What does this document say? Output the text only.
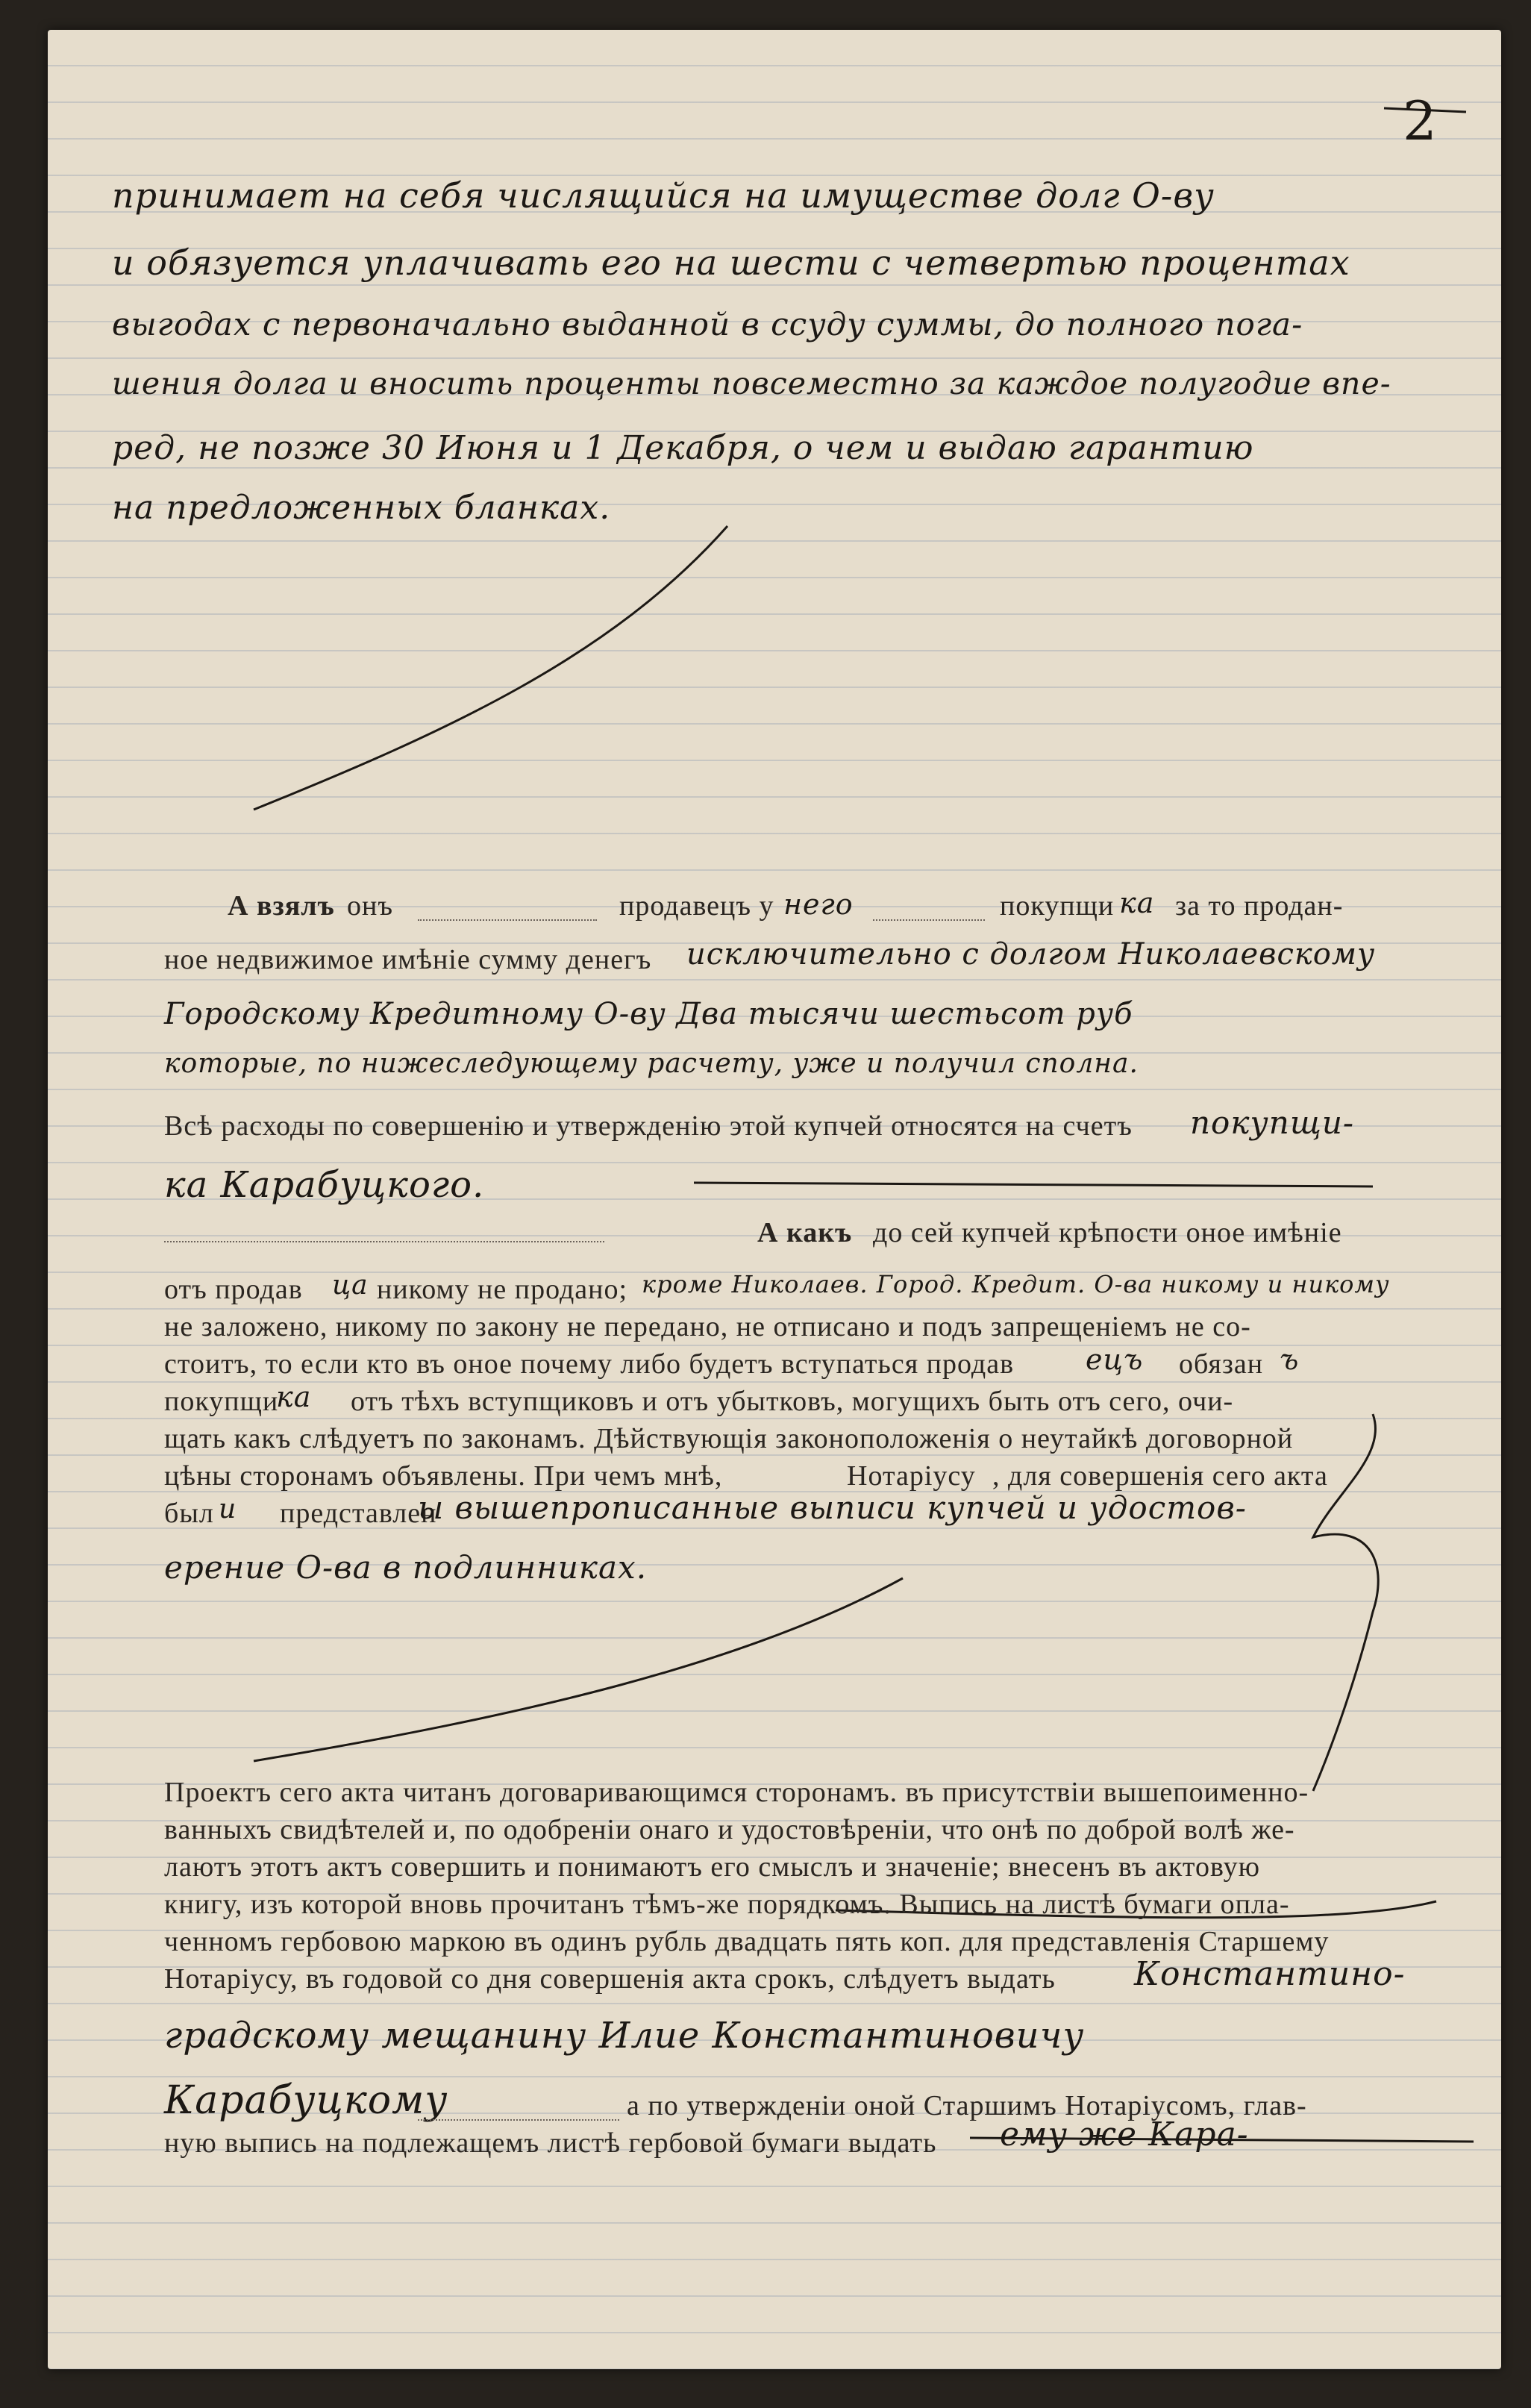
2
принимает на себя числящийся на имуществе долг О-ву
и обязуется уплачивать его на шести с четвертью процентах
выгодах с первоначально выданной в ссуду суммы, до полного пога-
шения долга и вносить проценты повсеместно за каждое полугодие впе-
ред, не позже 30 Июня и 1 Декабря, о чем и выдаю гарантию
на предложенных бланках.
А взялъ онъ	продавецъ у него	покупщи ка за то продан-
ное недвижимое имѣніе сумму денегъ исключительно с долгом Николаевскому
Городскому Кредитному О-ву Два тысячи шестьсот руб
которые, по нижеследующему расчету, уже и получил сполна.
Всѣ расходы по совершенію и утвержденію этой купчей относятся на счетъ покупщи-
ка Карабуцкого.
А какъ до сей купчей крѣпости оное имѣніе
отъ продав ца никому не продано; кроме Николаев. Город. Кредит. О-ва никому и никому
не заложено, никому по закону не передано, не отписано и подъ запрещеніемъ не со-
стоитъ, то если кто въ оное почему либо будетъ вступаться продав	ецъ обязан ъ
покупщи
ка отъ тѣхъ вступщиковъ и отъ убытковъ, могущихъ быть отъ сего, очи-
щать какъ слѣдуетъ по законамъ. Дѣйствующія законоположенія о неутайкѣ договорной
цѣны сторонамъ объявлены. При чемъ мнѣ,	Нотаріусу , для совершенія сего акта
был и представлен
ы вышепрописанные выписи купчей и удостов-
ерение О-ва в подлинниках.
Проектъ сего акта читанъ договаривающимся сторонамъ. въ присутствіи вышепоименно-
ванныхъ свидѣтелей и, по одобреніи онаго и удостовѣреніи, что онѣ по доброй волѣ же-
лаютъ этотъ актъ совершить и понимаютъ его смыслъ и значеніе; внесенъ въ актовую
книгу, изъ которой вновь прочитанъ тѣмъ-же порядкомъ. Выпись на листѣ бумаги опла-
ченномъ гербовою маркою въ одинъ рубль двадцать пять коп. для представленія Старшему
Нотаріусу, въ годовой со дня совершенія акта срокъ, слѣдуетъ выдать Константино-
градскому мещанину Илие Константиновичу
Карабуцкому	а по утвержденіи оной Старшимъ Нотаріусомъ, глав-
ную выпись на подлежащемъ листѣ гербовой бумаги выдать ему же Кара-
